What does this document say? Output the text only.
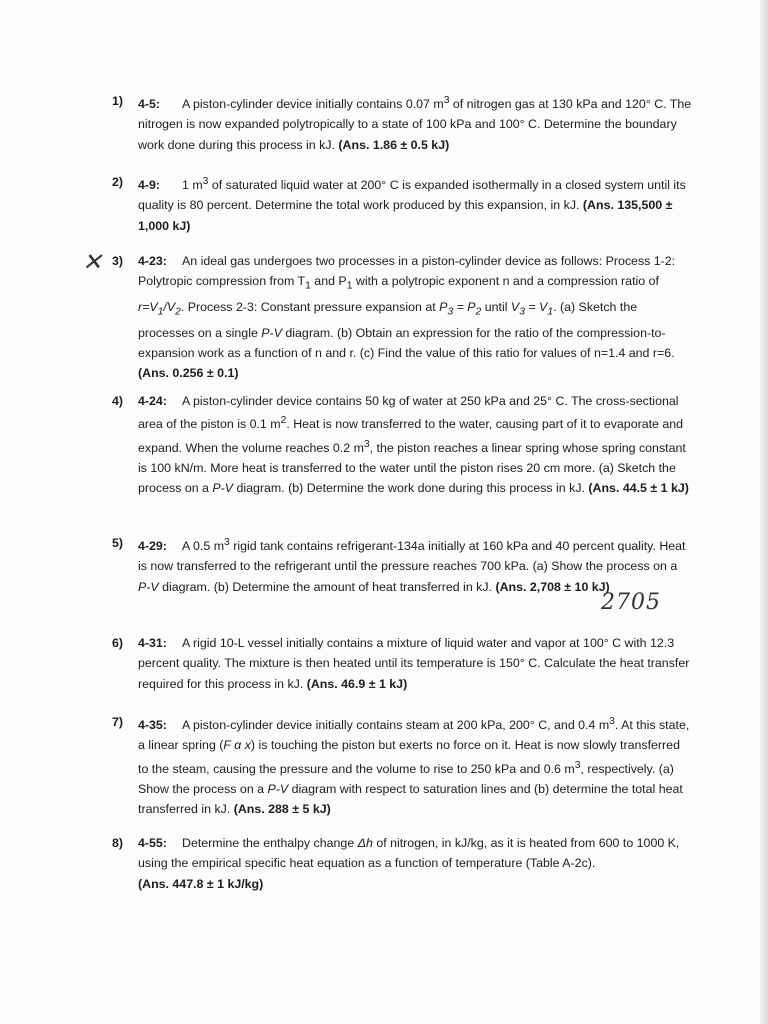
1) 4-5: A piston-cylinder device initially contains 0.07 $m^3$ of nitrogen gas at 130 kPa and 120° C. The nitrogen is now expanded polytropically to a state of 100 kPa and 100° C. Determine the boundary work done during this process in kJ. (Ans. 1.86 ± 0.5 kJ)
2) 4-9: 1 $m^3$ of saturated liquid water at 200° C is expanded isothermally in a closed system until its quality is 80 percent. Determine the total work produced by this expansion, in kJ. (Ans. 135,500 ± 1,000 kJ)
✕ 3) 4-23: An ideal gas undergoes two processes in a piston-cylinder device as follows: Process 1-2: Polytropic compression from $T_1$ and $P_1$ with a polytropic exponent n and a compression ratio of $r=V_1/V_2$. Process 2-3: Constant pressure expansion at $P_3 = P_2$ until $V_3 = V_1$. (a) Sketch the processes on a single P-V diagram. (b) Obtain an expression for the ratio of the compression-to-expansion work as a function of n and r. (c) Find the value of this ratio for values of n=1.4 and r=6. (Ans. 0.256 ± 0.1)
4) 4-24: A piston-cylinder device contains 50 kg of water at 250 kPa and 25° C. The cross-sectional area of the piston is 0.1 $m^2$. Heat is now transferred to the water, causing part of it to evaporate and expand. When the volume reaches 0.2 $m^3$, the piston reaches a linear spring whose spring constant is 100 kN/m. More heat is transferred to the water until the piston rises 20 cm more. (a) Sketch the process on a P-V diagram. (b) Determine the work done during this process in kJ. (Ans. 44.5 ± 1 kJ)
5) 4-29: A 0.5 $m^3$ rigid tank contains refrigerant-134a initially at 160 kPa and 40 percent quality. Heat is now transferred to the refrigerant until the pressure reaches 700 kPa. (a) Show the process on a P-V diagram. (b) Determine the amount of heat transferred in kJ. (Ans. 2,708 ± 10 kJ)
2705
6) 4-31: A rigid 10-L vessel initially contains a mixture of liquid water and vapor at 100° C with 12.3 percent quality. The mixture is then heated until its temperature is 150° C. Calculate the heat transfer required for this process in kJ. (Ans. 46.9 ± 1 kJ)
7) 4-35: A piston-cylinder device initially contains steam at 200 kPa, 200° C, and 0.4 $m^3$. At this state, a linear spring (F α x) is touching the piston but exerts no force on it. Heat is now slowly transferred to the steam, causing the pressure and the volume to rise to 250 kPa and 0.6 $m^3$, respectively. (a) Show the process on a P-V diagram with respect to saturation lines and (b) determine the total heat transferred in kJ. (Ans. 288 ± 5 kJ)
8) 4-55: Determine the enthalpy change Δh of nitrogen, in kJ/kg, as it is heated from 600 to 1000 K, using the empirical specific heat equation as a function of temperature (Table A-2c).
(Ans. 447.8 ± 1 kJ/kg)
